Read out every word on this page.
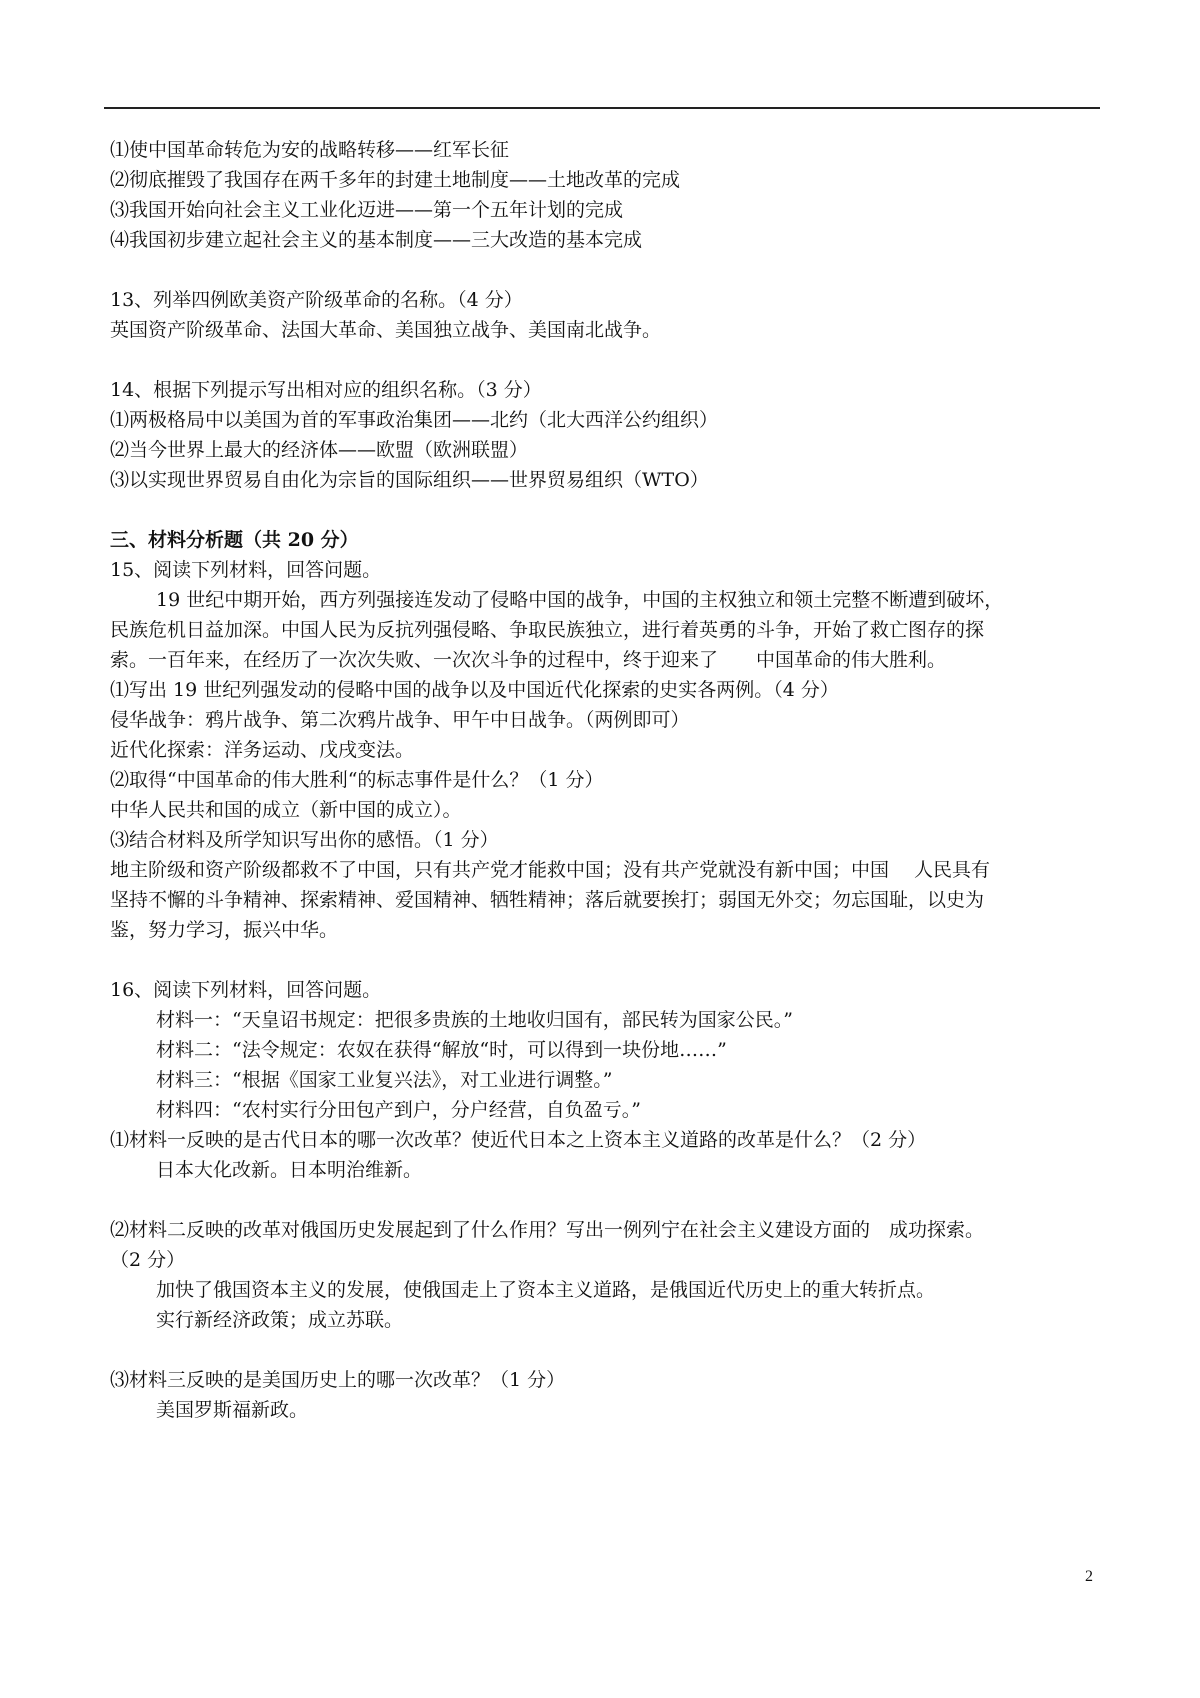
⑴使中国革命转危为安的战略转移——红军长征
⑵彻底摧毁了我国存在两千多年的封建土地制度——土地改革的完成
⑶我国开始向社会主义工业化迈进——第一个五年计划的完成
⑷我国初步建立起社会主义的基本制度——三大改造的基本完成
13、列举四例欧美资产阶级革命的名称。（4 分）
英国资产阶级革命、法国大革命、美国独立战争、美国南北战争。
14、根据下列提示写出相对应的组织名称。（3 分）
⑴两极格局中以美国为首的军事政治集团——北约（北大西洋公约组织）
⑵当今世界上最大的经济体——欧盟（欧洲联盟）
⑶以实现世界贸易自由化为宗旨的国际组织——世界贸易组织（WTO）
三、材料分析题（共 20 分）
15、阅读下列材料，回答问题。
19 世纪中期开始，西方列强接连发动了侵略中国的战争，中国的主权独立和领土完整不断遭到破坏，
民族危机日益加深。中国人民为反抗列强侵略、争取民族独立，进行着英勇的斗争，开始了救亡图存的探
索。一百年来，在经历了一次次失败、一次次斗争的过程中，终于迎来了　　中国革命的伟大胜利。
⑴写出 19 世纪列强发动的侵略中国的战争以及中国近代化探索的史实各两例。（4 分）
侵华战争：鸦片战争、第二次鸦片战争、甲午中日战争。（两例即可）
近代化探索：洋务运动、戊戌变法。
⑵取得“中国革命的伟大胜利“的标志事件是什么？（1 分）
中华人民共和国的成立（新中国的成立）。
⑶结合材料及所学知识写出你的感悟。（1 分）
地主阶级和资产阶级都救不了中国，只有共产党才能救中国；没有共产党就没有新中国；中国　 人民具有
坚持不懈的斗争精神、探索精神、爱国精神、牺牲精神；落后就要挨打；弱国无外交；勿忘国耻，以史为
鉴，努力学习，振兴中华。
16、阅读下列材料，回答问题。
材料一：“天皇诏书规定：把很多贵族的土地收归国有，部民转为国家公民。”
材料二：“法令规定：农奴在获得“解放“时，可以得到一块份地……”
材料三：“根据《国家工业复兴法》，对工业进行调整。”
材料四：“农村实行分田包产到户，分户经营，自负盈亏。”
⑴材料一反映的是古代日本的哪一次改革？使近代日本之上资本主义道路的改革是什么？（2 分）
日本大化改新。日本明治维新。
⑵材料二反映的改革对俄国历史发展起到了什么作用？写出一例列宁在社会主义建设方面的　成功探索。
（2 分）
加快了俄国资本主义的发展，使俄国走上了资本主义道路，是俄国近代历史上的重大转折点。
实行新经济政策；成立苏联。
⑶材料三反映的是美国历史上的哪一次改革？（1 分）
美国罗斯福新政。
2
